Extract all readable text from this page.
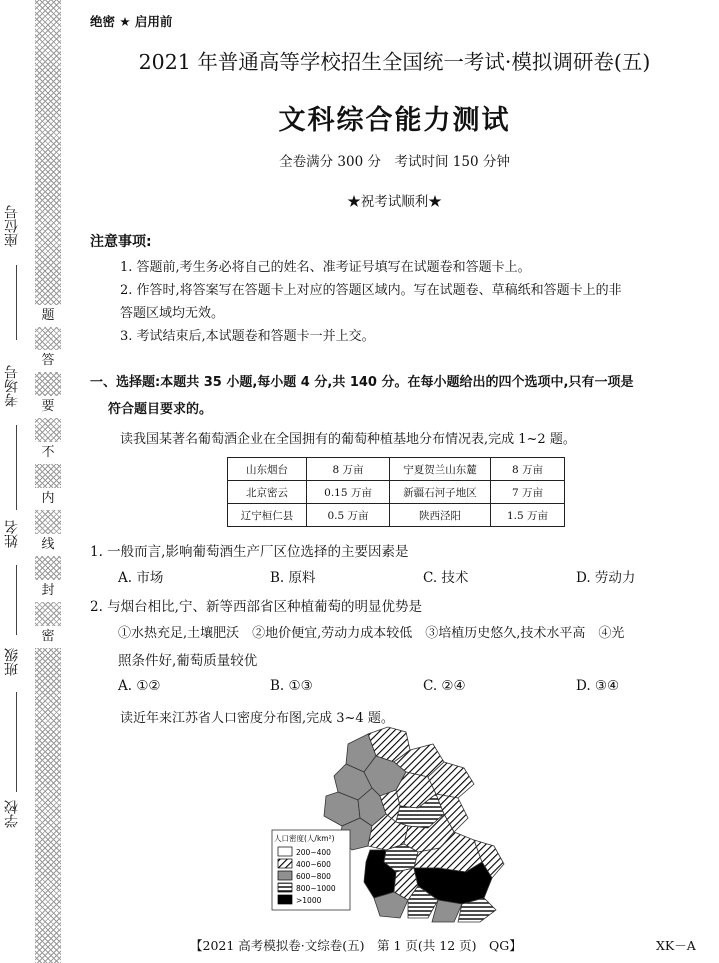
座位号
考场号
姓名
班级
学校
题
答
要
不
内
线
封
密
绝密 ★ 启用前
2021 年普通高等学校招生全国统一考试·模拟调研卷(五)
文科综合能力测试
全卷满分 300 分　考试时间 150 分钟
★祝考试顺利★
注意事项:
1. 答题前,考生务必将自己的姓名、准考证号填写在试题卷和答题卡上。
2. 作答时,将答案写在答题卡上对应的答题区域内。写在试题卷、草稿纸和答题卡上的非
答题区域均无效。
3. 考试结束后,本试题卷和答题卡一并上交。
一、选择题:本题共 35 小题,每小题 4 分,共 140 分。在每小题给出的四个选项中,只有一项是
符合题目要求的。
读我国某著名葡萄酒企业在全国拥有的葡萄种植基地分布情况表,完成 1~2 题。
山东烟台	8 万亩	宁夏贺兰山东麓	8 万亩
北京密云	0.15 万亩	新疆石河子地区	7 万亩
辽宁桓仁县	0.5 万亩	陕西泾阳	1.5 万亩
1. 一般而言,影响葡萄酒生产厂区位选择的主要因素是
A. 市场	B. 原料	C. 技术	D. 劳动力
2. 与烟台相比,宁、新等西部省区种植葡萄的明显优势是
①水热充足,土壤肥沃　②地价便宜,劳动力成本较低　③培植历史悠久,技术水平高　④光
照条件好,葡萄质量较优
A. ①②	B. ①③	C. ②④	D. ③④
读近年来江苏省人口密度分布图,完成 3~4 题。
人口密度(人/km²)
200~400
400~600
600~800
800~1000
>1000
【2021 高考模拟卷·文综卷(五)　第 1 页(共 12 页)　QG】	XK－A
